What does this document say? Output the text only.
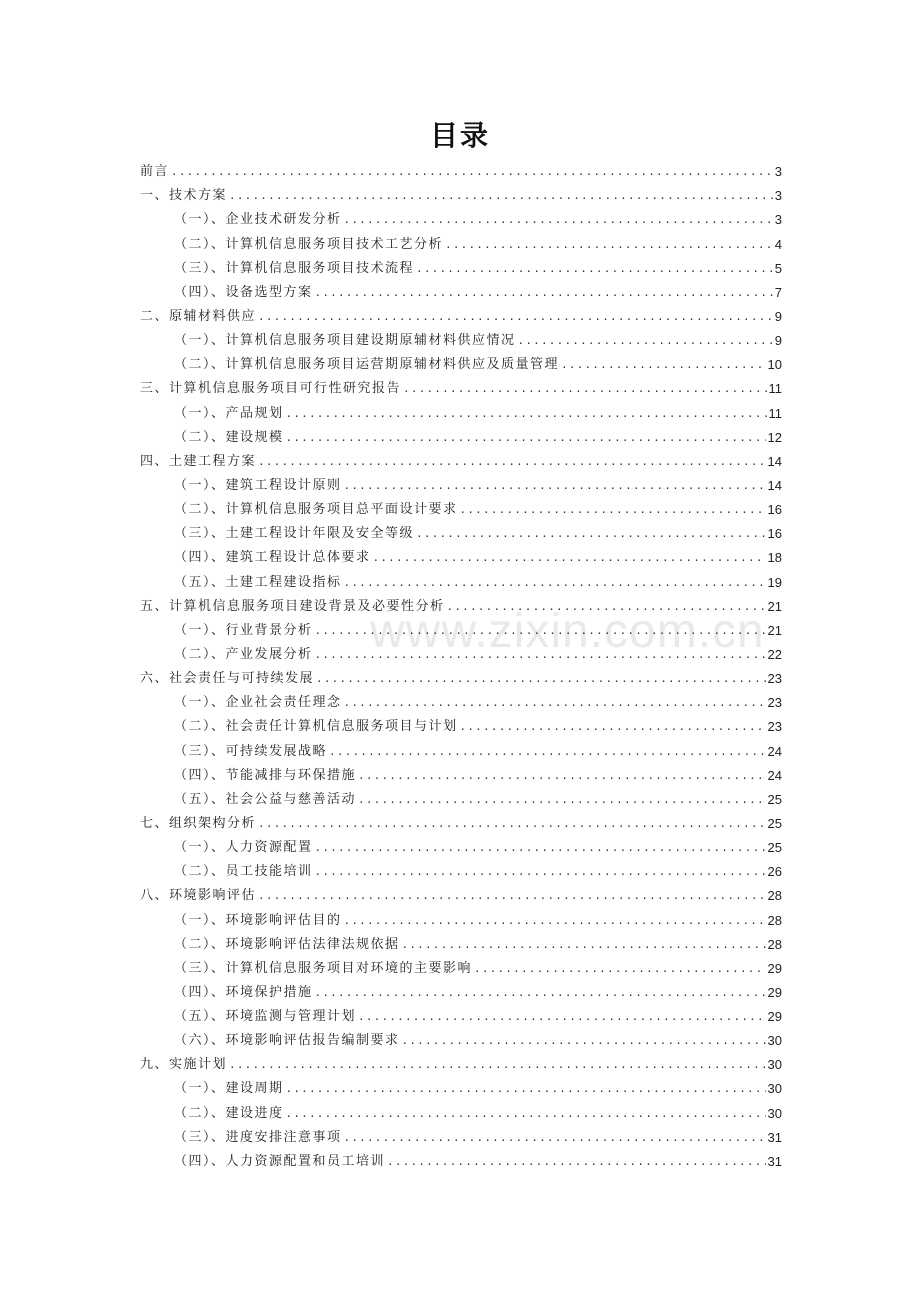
目录
www.zixin.com.cn
前言 .....	3
一、技术方案 .....	3
（一）、企业技术研发分析 .....	3
（二）、计算机信息服务项目技术工艺分析 .....	4
（三）、计算机信息服务项目技术流程 .....	5
（四）、设备选型方案 .....	7
二、原辅材料供应 .....	9
（一）、计算机信息服务项目建设期原辅材料供应情况 .....	9
（二）、计算机信息服务项目运营期原辅材料供应及质量管理 .....	10
三、计算机信息服务项目可行性研究报告 .....	11
（一）、产品规划 .....	11
（二）、建设规模 .....	12
四、土建工程方案 .....	14
（一）、建筑工程设计原则 .....	14
（二）、计算机信息服务项目总平面设计要求 .....	16
（三）、土建工程设计年限及安全等级 .....	16
（四）、建筑工程设计总体要求 .....	18
（五）、土建工程建设指标 .....	19
五、计算机信息服务项目建设背景及必要性分析 .....	21
（一）、行业背景分析 .....	21
（二）、产业发展分析 .....	22
六、社会责任与可持续发展 .....	23
（一）、企业社会责任理念 .....	23
（二）、社会责任计算机信息服务项目与计划 .....	23
（三）、可持续发展战略 .....	24
（四）、节能减排与环保措施 .....	24
（五）、社会公益与慈善活动 .....	25
七、组织架构分析 .....	25
（一）、人力资源配置 .....	25
（二）、员工技能培训 .....	26
八、环境影响评估 .....	28
（一）、环境影响评估目的 .....	28
（二）、环境影响评估法律法规依据 .....	28
（三）、计算机信息服务项目对环境的主要影响 .....	29
（四）、环境保护措施 .....	29
（五）、环境监测与管理计划 .....	29
（六）、环境影响评估报告编制要求 .....	30
九、实施计划 .....	30
（一）、建设周期 .....	30
（二）、建设进度 .....	30
（三）、进度安排注意事项 .....	31
（四）、人力资源配置和员工培训 .....	31
